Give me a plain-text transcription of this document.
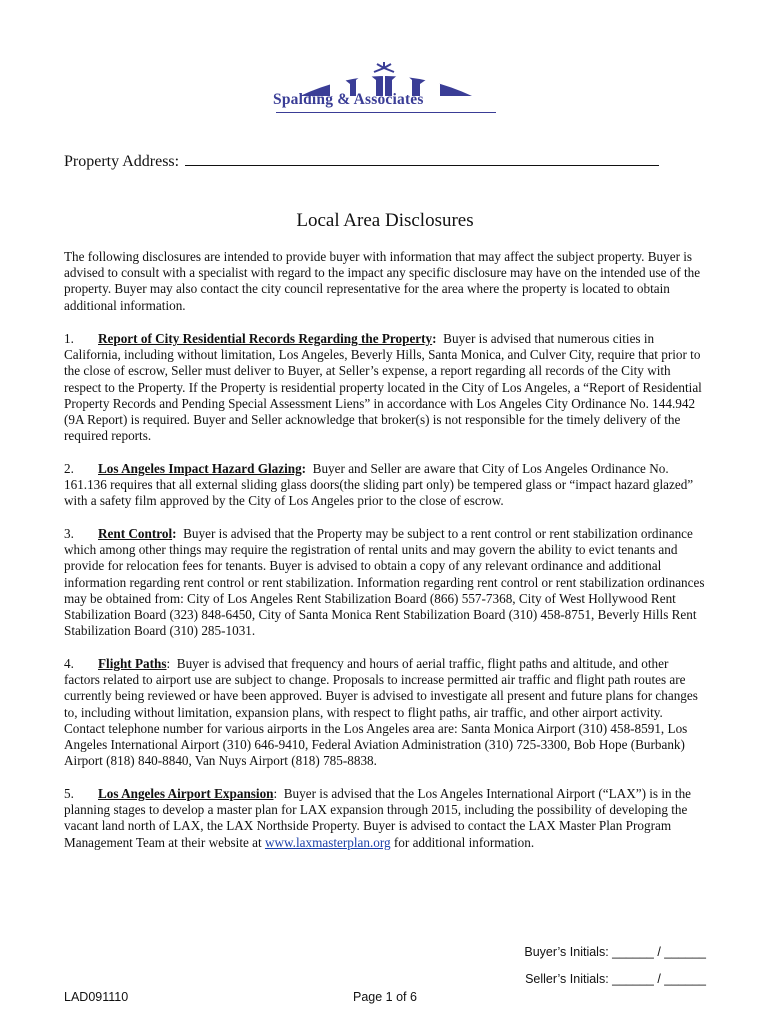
Spalding & Associates
Property Address:
Local Area Disclosures

The following disclosures are intended to provide buyer with information that may affect the subject property. Buyer is advised to consult with a specialist with regard to the impact any specific disclosure may have on the intended use of the property. Buyer may also contact the city council representative for the area where the property is located to obtain additional information.

1. Report of City Residential Records Regarding the Property: Buyer is advised that numerous cities in California, including without limitation, Los Angeles, Beverly Hills, Santa Monica, and Culver City, require that prior to the close of escrow, Seller must deliver to Buyer, at Seller’s expense, a report regarding all records of the City with respect to the Property. If the Property is residential property located in the City of Los Angeles, a “Report of Residential Property Records and Pending Special Assessment Liens” in accordance with Los Angeles City Ordinance No. 144.942 (9A Report) is required. Buyer and Seller acknowledge that broker(s) is not responsible for the timely delivery of the required reports.

2. Los Angeles Impact Hazard Glazing: Buyer and Seller are aware that City of Los Angeles Ordinance No. 161.136 requires that all external sliding glass doors(the sliding part only) be tempered glass or “impact hazard glazed” with a safety film approved by the City of Los Angeles prior to the close of escrow.

3. Rent Control: Buyer is advised that the Property may be subject to a rent control or rent stabilization ordinance which among other things may require the registration of rental units and may govern the ability to evict tenants and provide for relocation fees for tenants. Buyer is advised to obtain a copy of any relevant ordinance and additional information regarding rent control or rent stabilization. Information regarding rent control or rent stabilization ordinances may be obtained from: City of Los Angeles Rent Stabilization Board (866) 557-7368, City of West Hollywood Rent Stabilization Board (323) 848-6450, City of Santa Monica Rent Stabilization Board (310) 458-8751, Beverly Hills Rent Stabilization Board (310) 285-1031.

4. Flight Paths:  Buyer is advised that frequency and hours of aerial traffic, flight paths and altitude, and other factors related to airport use are subject to change. Proposals to increase permitted air traffic and flight path routes are currently being reviewed or have been approved. Buyer is advised to investigate all present and future plans for changes to, including without limitation, expansion plans, with respect to flight paths, air traffic, and other airport activity. Contact telephone number for various airports in the Los Angeles area are: Santa Monica Airport (310) 458-8591, Los Angeles International Airport (310) 646-9410, Federal Aviation Administration (310) 725-3300, Bob Hope (Burbank) Airport (818) 840-8840, Van Nuys Airport (818) 785-8838.

5. Los Angeles Airport Expansion:  Buyer is advised that the Los Angeles International Airport (“LAX”) is in the planning stages to develop a master plan for LAX expansion through 2015, including the possibility of developing the vacant land north of LAX, the LAX Northside Property. Buyer is advised to contact the LAX Master Plan Program Management Team at their website at www.laxmasterplan.org for additional information.

Buyer’s Initials: ______ / ______
Seller’s Initials: ______ / ______
LAD091110	Page 1 of 6
